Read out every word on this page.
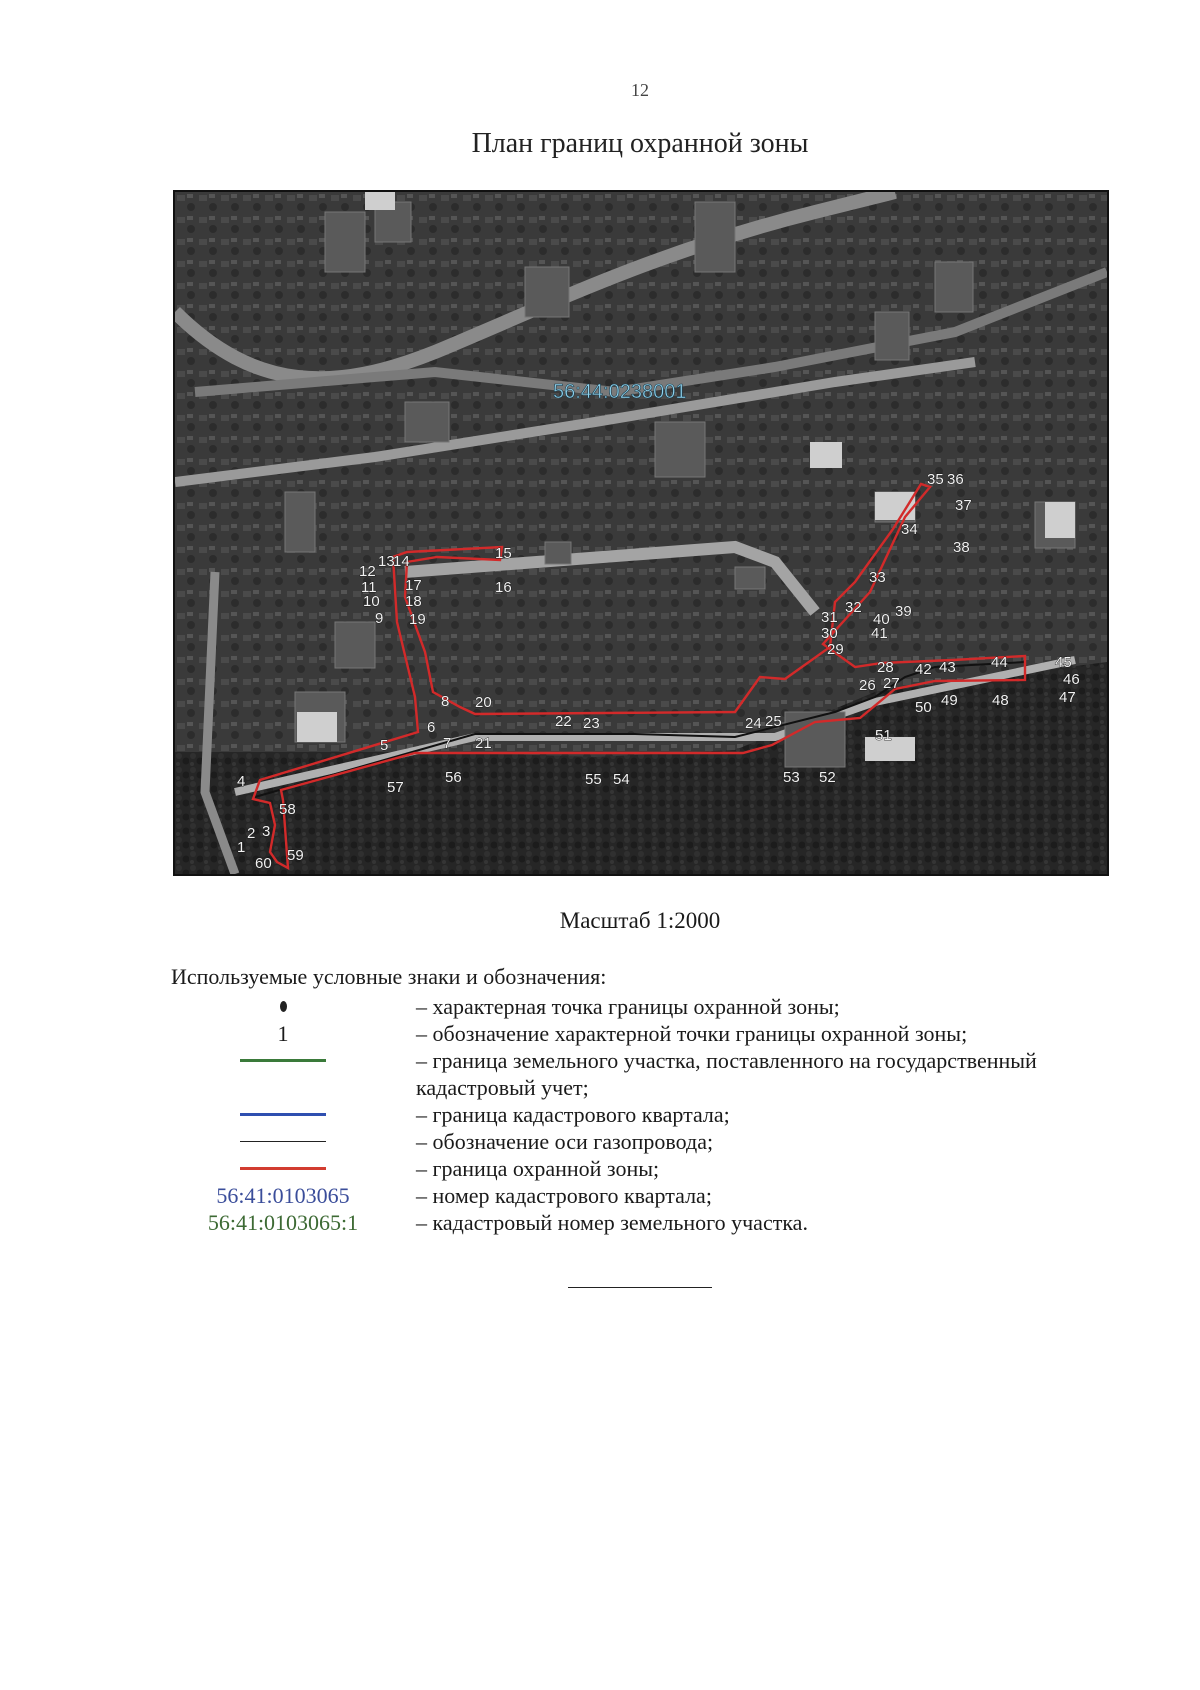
12
План границ охранной зоны
1
2 3
4
5
6
7
8
9
10
11
12
13
14	15
16
17
18
19
20
21
22 23	24 25
26 27
28
29
30
31
32
33
34
35 36
37
38
39
40
41
42 43 44	45
46
47
48
49
50
51
52
53
54
55
56
57
58
59
60
56:44:0238001
Масштаб 1:2000
Используемые условные знаки и обозначения:
– характерная точка границы охранной зоны;
1	– обозначение характерной точки границы охранной зоны;
– граница земельного участка, поставленного на государственный кадастровый учет;
– граница кадастрового квартала;
– обозначение оси газопровода;
– граница охранной зоны;
56:41:0103065	– номер кадастрового квартала;
56:41:0103065:1	– кадастровый номер земельного участка.
